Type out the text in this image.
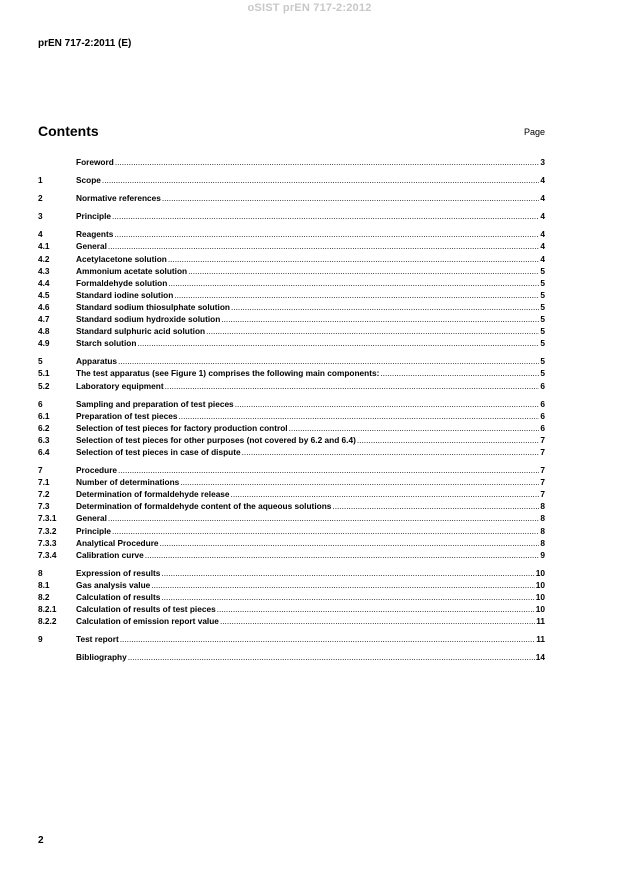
oSIST prEN 717-2:2012
prEN 717-2:2011 (E)
Contents	Page
Foreword .....	3
1	Scope .....	4
2	Normative references .....	4
3	Principle .....	4
4	Reagents .....	4
4.1	General .....	4
4.2	Acetylacetone solution .....	4
4.3	Ammonium acetate solution .....	5
4.4	Formaldehyde solution .....	5
4.5	Standard iodine solution .....	5
4.6	Standard sodium thiosulphate solution .....	5
4.7	Standard sodium hydroxide solution .....	5
4.8	Standard sulphuric acid solution .....	5
4.9	Starch solution .....	5
5	Apparatus .....	5
5.1	The test apparatus (see Figure 1) comprises the following main components: .....	5
5.2	Laboratory equipment .....	6
6	Sampling and preparation of test pieces .....	6
6.1	Preparation of test pieces .....	6
6.2	Selection of test pieces for factory production control .....	6
6.3	Selection of test pieces for other purposes (not covered by 6.2 and 6.4) .....	7
6.4	Selection of test pieces in case of dispute .....	7
7	Procedure .....	7
7.1	Number of determinations .....	7
7.2	Determination of formaldehyde release .....	7
7.3	Determination of formaldehyde content of the aqueous solutions .....	8
7.3.1	General .....	8
7.3.2	Principle .....	8
7.3.3	Analytical Procedure .....	8
7.3.4	Calibration curve .....	9
8	Expression of results .....	10
8.1	Gas analysis value .....	10
8.2	Calculation of results .....	10
8.2.1	Calculation of results of test pieces .....	10
8.2.2	Calculation of emission report value .....	11
9	Test report .....	11
Bibliography .....	14
2
